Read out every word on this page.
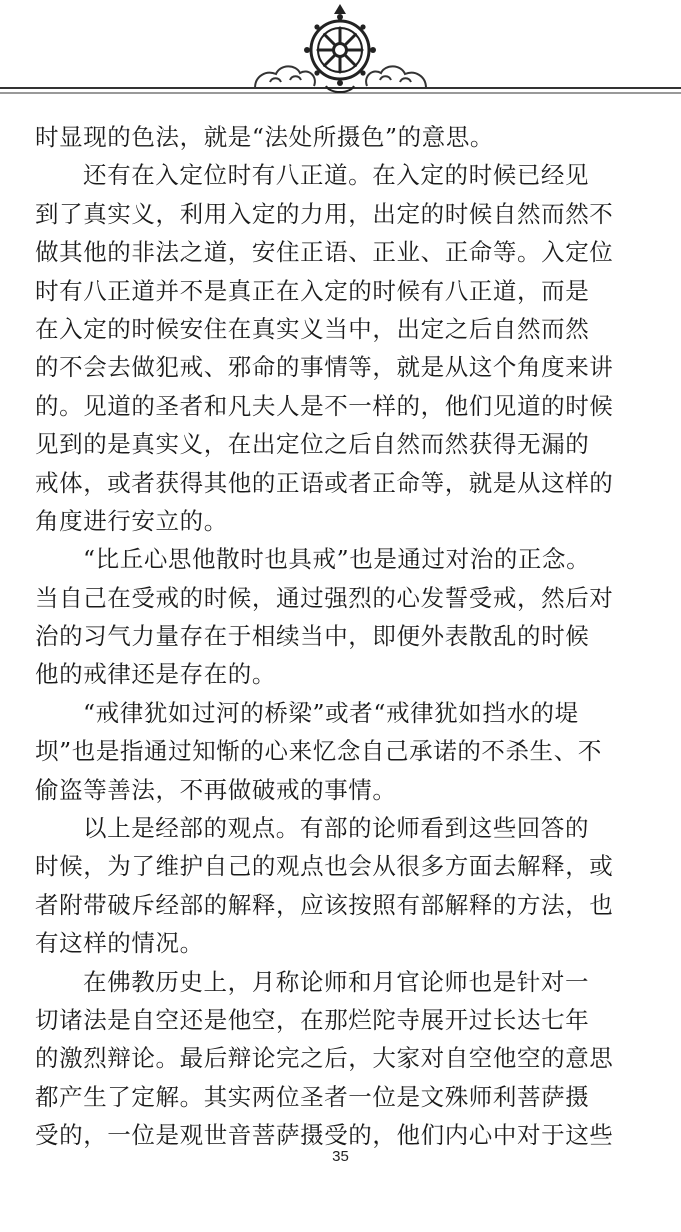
时显现的色法，就是“法处所摄色”的意思。
还有在入定位时有八正道。在入定的时候已经见
到了真实义，利用入定的力用，出定的时候自然而然不
做其他的非法之道，安住正语、正业、正命等。入定位
时有八正道并不是真正在入定的时候有八正道，而是
在入定的时候安住在真实义当中，出定之后自然而然
的不会去做犯戒、邪命的事情等，就是从这个角度来讲
的。见道的圣者和凡夫人是不一样的，他们见道的时候
见到的是真实义，在出定位之后自然而然获得无漏的
戒体，或者获得其他的正语或者正命等，就是从这样的
角度进行安立的。
“比丘心思他散时也具戒”也是通过对治的正念。
当自己在受戒的时候，通过强烈的心发誓受戒，然后对
治的习气力量存在于相续当中，即便外表散乱的时候
他的戒律还是存在的。
“戒律犹如过河的桥梁”或者“戒律犹如挡水的堤
坝”也是指通过知惭的心来忆念自己承诺的不杀生、不
偷盗等善法，不再做破戒的事情。
以上是经部的观点。有部的论师看到这些回答的
时候，为了维护自己的观点也会从很多方面去解释，或
者附带破斥经部的解释，应该按照有部解释的方法，也
有这样的情况。
在佛教历史上，月称论师和月官论师也是针对一
切诸法是自空还是他空，在那烂陀寺展开过长达七年
的激烈辩论。最后辩论完之后，大家对自空他空的意思
都产生了定解。其实两位圣者一位是文殊师利菩萨摄
受的，一位是观世音菩萨摄受的，他们内心中对于这些
35
